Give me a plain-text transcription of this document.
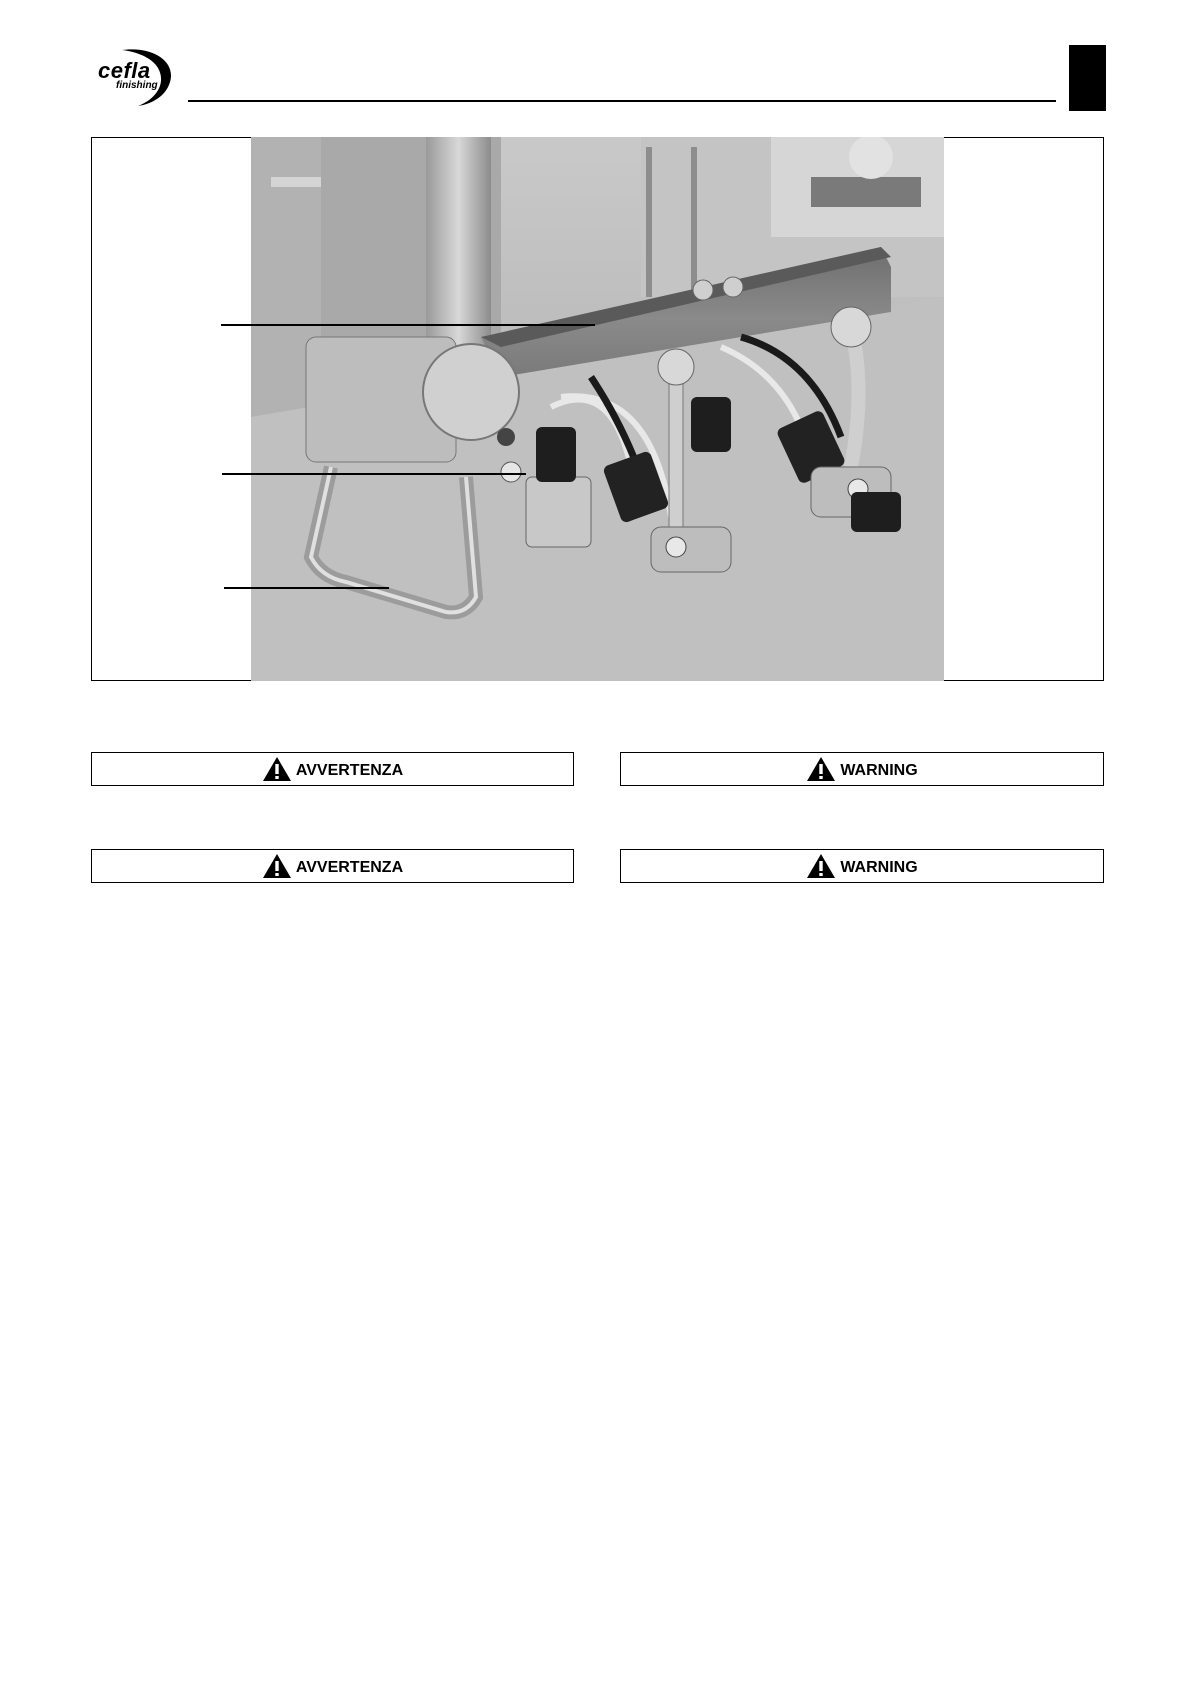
cefla
finishing
AVVERTENZA	WARNING
AVVERTENZA	WARNING
